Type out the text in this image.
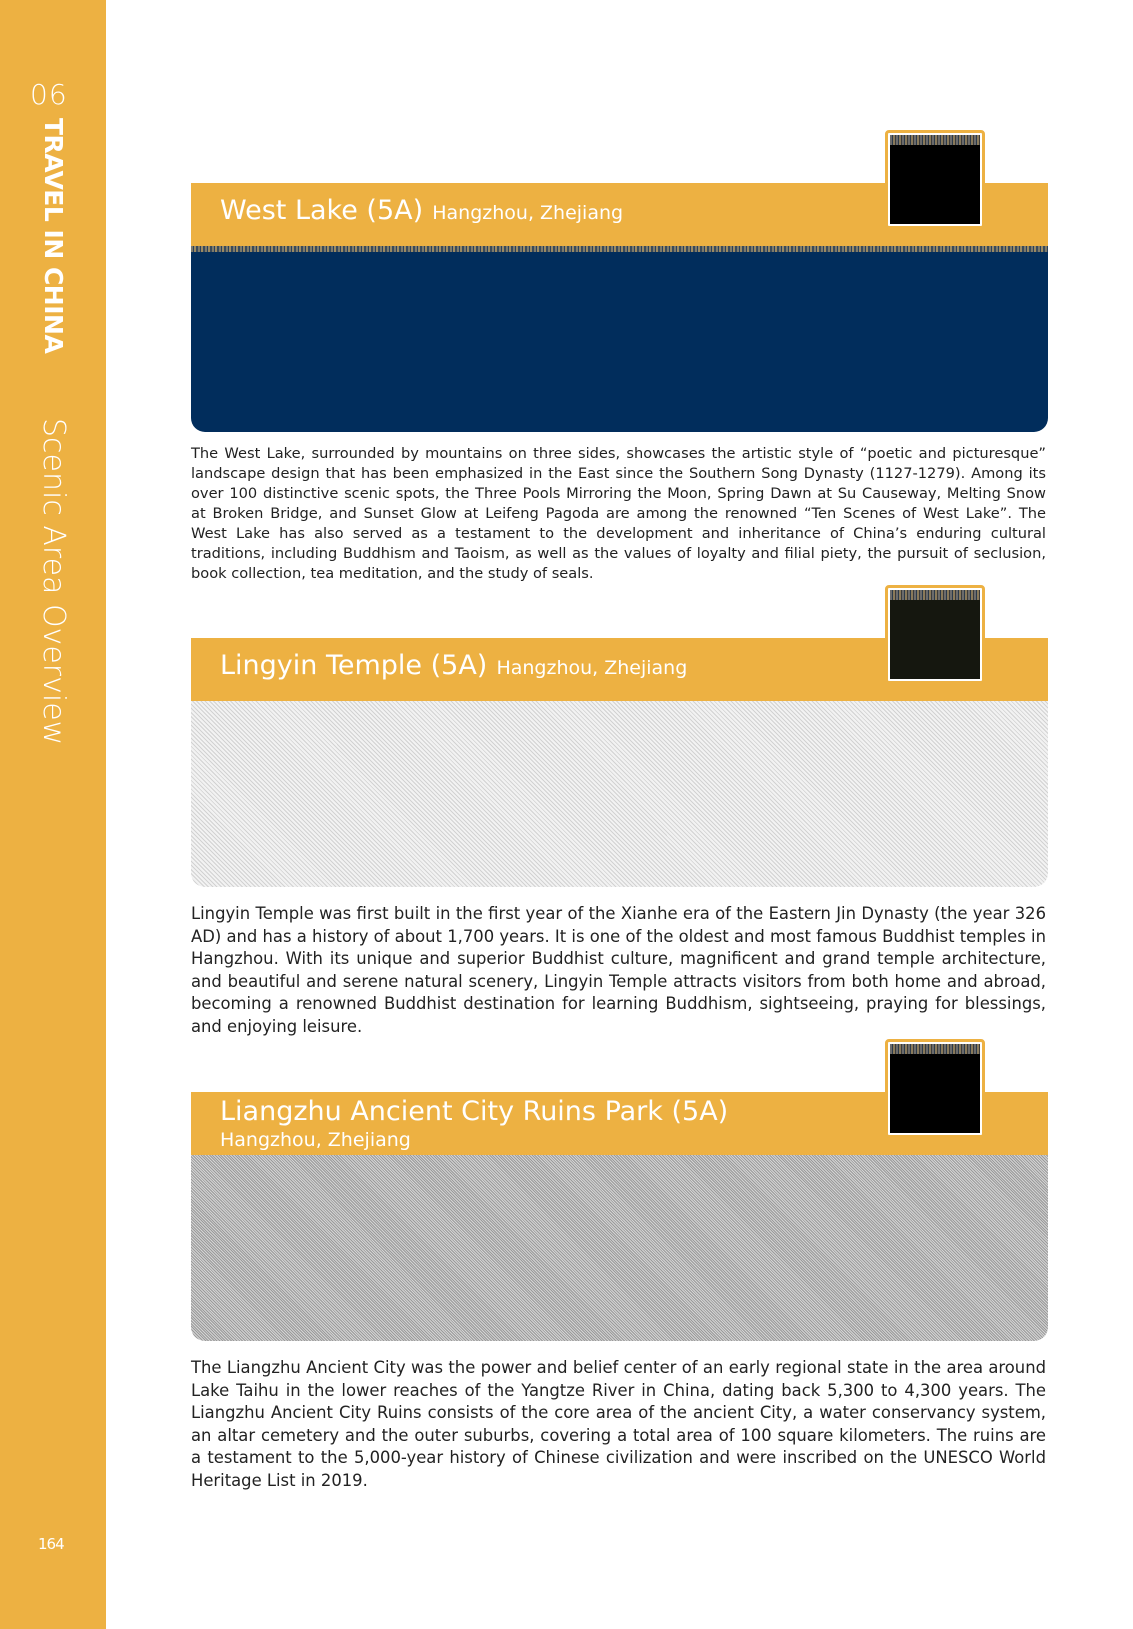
06
TRAVEL IN CHINA Scenic Area Overview
164
West Lake (5A) Hangzhou, Zhejiang

The West Lake, surrounded by mountains on three sides, showcases the artistic style of “poetic and picturesque” landscape design that has been emphasized in the East since the Southern Song Dynasty (1127-1279). Among its over 100 distinctive scenic spots, the Three Pools Mirroring the Moon, Spring Dawn at Su Causeway, Melting Snow at Broken Bridge, and Sunset Glow at Leifeng Pagoda are among the renowned “Ten Scenes of West Lake”. The West Lake has also served as a testament to the development and inheritance of China’s enduring cultural traditions, including Buddhism and Taoism, as well as the values of loyalty and filial piety, the pursuit of seclusion, book collection, tea meditation, and the study of seals.

Lingyin Temple (5A) Hangzhou, Zhejiang

Lingyin Temple was first built in the first year of the Xianhe era of the Eastern Jin Dynasty (the year 326 AD) and has a history of about 1,700 years. It is one of the oldest and most famous Buddhist temples in Hangzhou. With its unique and superior Buddhist culture, magnificent and grand temple architecture, and beautiful and serene natural scenery, Lingyin Temple attracts visitors from both home and abroad, becoming a renowned Buddhist destination for learning Buddhism, sightseeing, praying for blessings, and enjoying leisure.

Liangzhu Ancient City Ruins Park (5A)
Hangzhou, Zhejiang

The Liangzhu Ancient City was the power and belief center of an early regional state in the area around Lake Taihu in the lower reaches of the Yangtze River in China, dating back 5,300 to 4,300 years. The Liangzhu Ancient City Ruins consists of the core area of the ancient City, a water conservancy system, an altar cemetery and the outer suburbs, covering a total area of 100 square kilometers. The ruins are a testament to the 5,000-year history of Chinese civilization and were inscribed on the UNESCO World Heritage List in 2019.
